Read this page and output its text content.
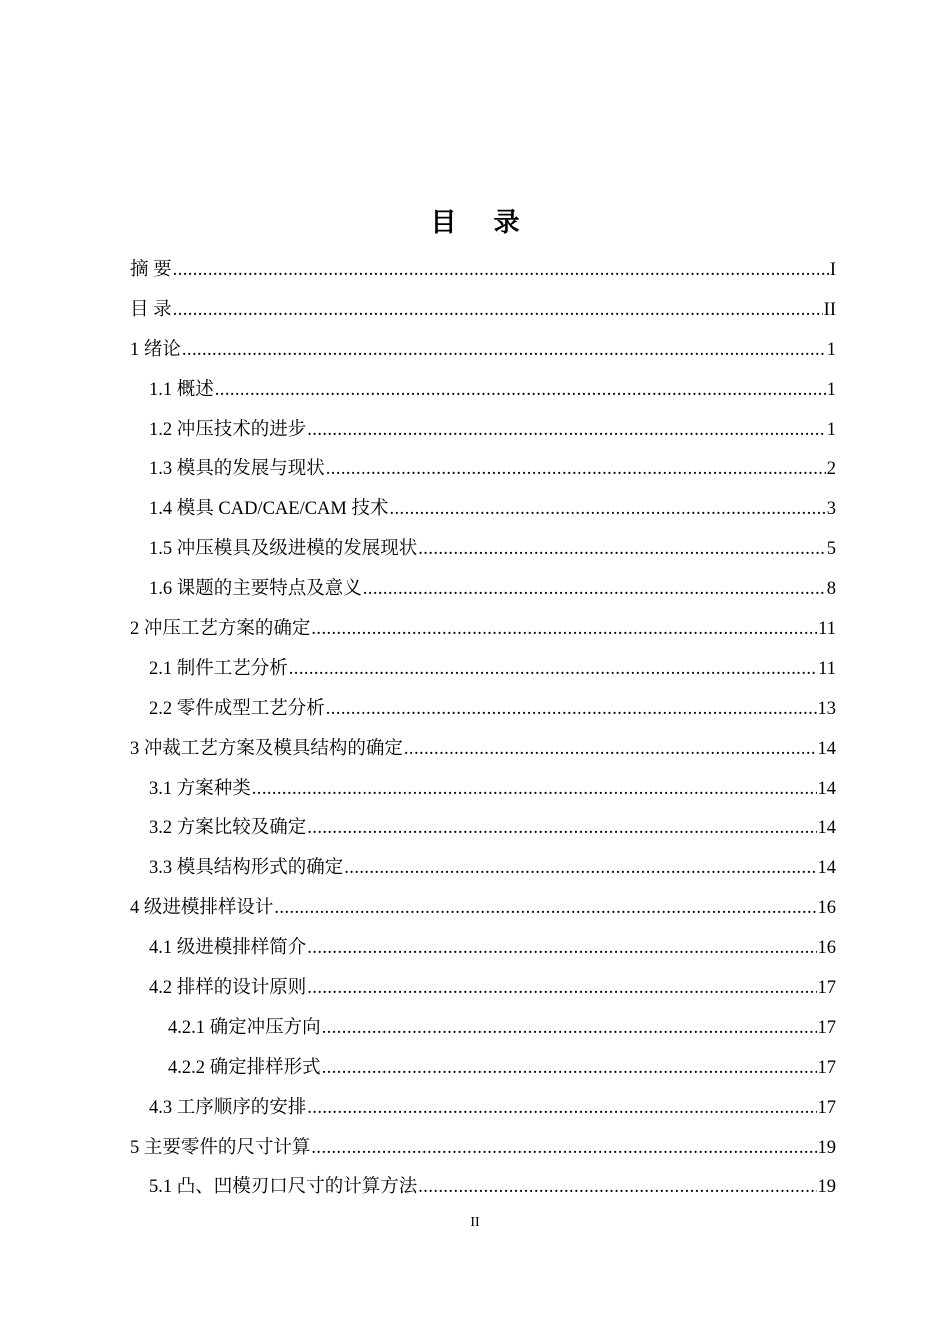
目 录
摘 要 .....	I
目 录 .....	II
1 绪论 .....	1
1.1 概述 .....	1
1.2 冲压技术的进步 .....	1
1.3 模具的发展与现状 .....	2
1.4 模具 CAD/CAE/CAM 技术 .....	3
1.5 冲压模具及级进模的发展现状 .....	5
1.6 课题的主要特点及意义 .....	8
2 冲压工艺方案的确定 .....	11
2.1 制件工艺分析 .....	11
2.2 零件成型工艺分析 .....	13
3 冲裁工艺方案及模具结构的确定 .....	14
3.1 方案种类 .....	14
3.2 方案比较及确定 .....	14
3.3 模具结构形式的确定 .....	14
4 级进模排样设计 .....	16
4.1 级进模排样简介 .....	16
4.2 排样的设计原则 .....	17
4.2.1 确定冲压方向 .....	17
4.2.2 确定排样形式 .....	17
4.3 工序顺序的安排 .....	17
5 主要零件的尺寸计算 .....	19
5.1 凸、凹模刃口尺寸的计算方法 .....	19
II
